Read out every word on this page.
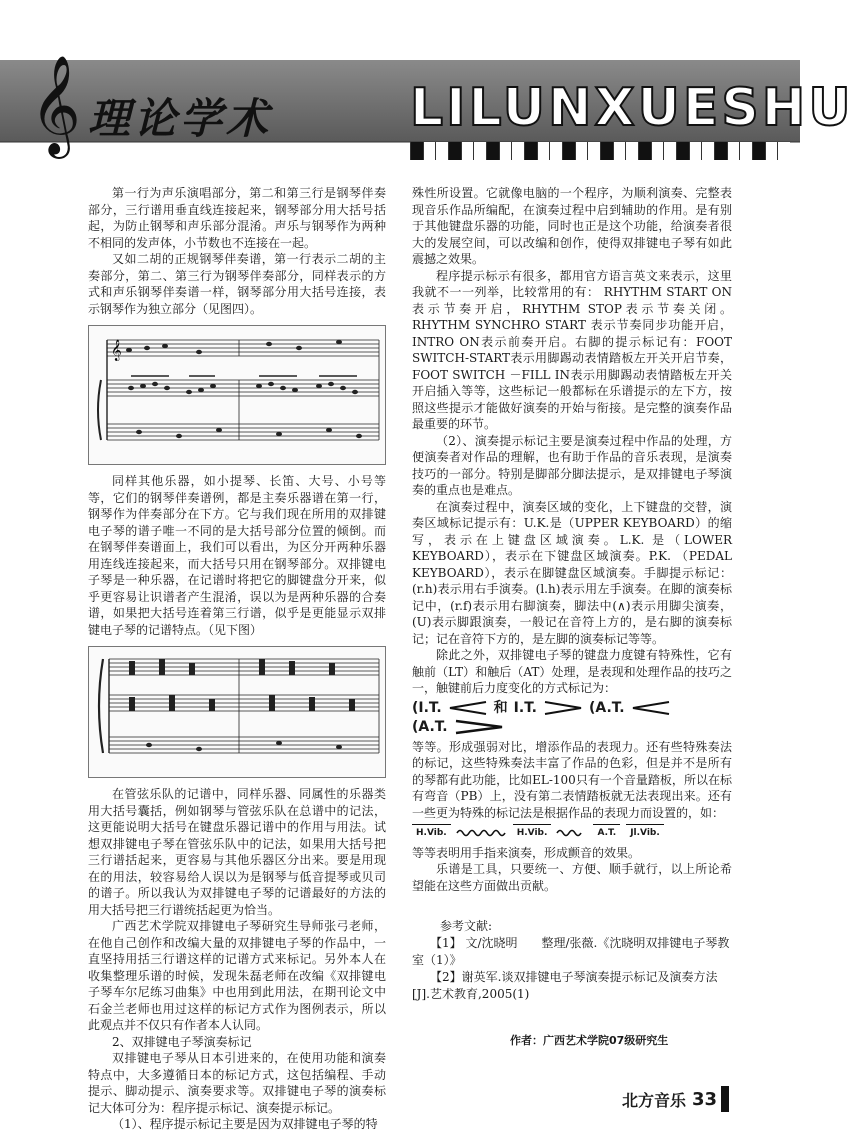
𝄞 理论学术	LILUNXUESHU

第一行为声乐演唱部分，第二和第三行是钢琴伴奏部分，三行谱用垂直线连接起来，钢琴部分用大括号括起，为防止钢琴和声乐部分混淆。声乐与钢琴作为两种不相同的发声体，小节数也不连接在一起。

又如二胡的正规钢琴伴奏谱，第一行表示二胡的主奏部分，第二、第三行为钢琴伴奏部分，同样表示的方式和声乐钢琴伴奏谱一样，钢琴部分用大括号连接，表示钢琴作为独立部分（见图四）。

𝄞

同样其他乐器，如小提琴、长笛、大号、小号等等，它们的钢琴伴奏谱例，都是主奏乐器谱在第一行，钢琴作为伴奏部分在下方。它与我们现在所用的双排键电子琴的谱子唯一不同的是大括号部分位置的倾倒。而在钢琴伴奏谱面上，我们可以看出，为区分开两种乐器用连线连接起来，而大括号只用在钢琴部分。双排键电子琴是一种乐器，在记谱时将把它的脚键盘分开来，似乎更容易让识谱者产生混淆，误以为是两种乐器的合奏谱，如果把大括号连着第三行谱，似乎是更能显示双排键电子琴的记谱特点。（见下图）

在管弦乐队的记谱中，同样乐器、同属性的乐器类用大括号囊括，例如钢琴与管弦乐队在总谱中的记法，这更能说明大括号在键盘乐器记谱中的作用与用法。试想双排键电子琴在管弦乐队中的记法，如果用大括号把三行谱括起来，更容易与其他乐器区分出来。要是用现在的用法，较容易给人误以为是钢琴与低音提琴或贝司的谱子。所以我认为双排键电子琴的记谱最好的方法的用大括号把三行谱统括起更为恰当。

广西艺术学院双排键电子琴研究生导师张弓老师，在他自己创作和改编大量的双排键电子琴的作品中，一直坚持用括三行谱这样的记谱方式来标记。另外本人在收集整理乐谱的时候，发现朱磊老师在改编《双排键电子琴车尔尼练习曲集》中也用到此用法，在期刊论文中石金兰老师也用过这样的标记方式作为图例表示，所以此观点并不仅只有作者本人认同。

2、双排键电子琴演奏标记

双排键电子琴从日本引进来的，在使用功能和演奏特点中，大多遵循日本的标记方式，这包括编程、手动提示、脚动提示、演奏要求等。双排键电子琴的演奏标记大体可分为：程序提示标记、演奏提示标记。

（1）、程序提示标记主要是因为双排键电子琴的特

殊性所设置。它就像电脑的一个程序，为顺利演奏、完整表现音乐作品所编配，在演奏过程中启到辅助的作用。是有别于其他键盘乐器的功能，同时也正是这个功能，给演奏者很大的发展空间，可以改编和创作，使得双排键电子琴有如此震撼之效果。

程序提示标示有很多，都用官方语言英文来表示，这里我就不一一列举，比较常用的有： RHYTHM START ON 表示节奏开启，RHYTHM STOP表示节奏关闭。RHYTHM SYNCHRO START 表示节奏同步功能开启，INTRO ON表示前奏开启。右脚的提示标记有：FOOT SWITCH-START表示用脚踢动表情踏板左开关开启节奏，FOOT SWITCH －FILL IN表示用脚踢动表情踏板左开关开启插入等等，这些标记一般都标在乐谱提示的左下方，按照这些提示才能做好演奏的开始与衔接。是完整的演奏作品最重要的环节。

（2）、演奏提示标记主要是演奏过程中作品的处理，方便演奏者对作品的理解，也有助于作品的音乐表现，是演奏技巧的一部分。特别是脚部分脚法提示，是双排键电子琴演奏的重点也是难点。

在演奏过程中，演奏区域的变化，上下键盘的交替，演奏区域标记提示有：U.K.是（UPPER KEYBOARD）的缩写，表示在上键盘区域演奏。L.K. 是（LOWER KEYBOARD），表示在下键盘区域演奏。P.K. （PEDAL KEYBOARD），表示在脚键盘区域演奏。手脚提示标记：(r.h)表示用右手演奏。(l.h)表示用左手演奏。在脚的演奏标记中，(r.f)表示用右脚演奏，脚法中(∧)表示用脚尖演奏，(U)表示脚跟演奏，一般记在音符上方的，是右脚的演奏标记；记在音符下方的，是左脚的演奏标记等等。

除此之外，双排键电子琴的键盘力度键有特殊性，它有触前（LT）和触后（AT）处理，是表现和处理作品的技巧之一，触键前后力度变化的方式标记为：

(I.T.	和 I.T.	(A.T.
(A.T.

等等。形成强弱对比，增添作品的表现力。还有些特殊奏法的标记，这些特殊奏法丰富了作品的色彩，但是并不是所有的琴都有此功能，比如EL-100只有一个音量踏板，所以在标有弯音（PB）上，没有第二表情踏板就无法表现出来。还有一些更为特殊的标记法是根据作品的表现力而设置的，如：

H.Vib.	H.Vib.	A.T.	Jl.Vib.

等等表明用手指来演奏，形成颤音的效果。

乐谱是工具，只要统一、方便、顺手就行，以上所论希望能在这些方面做出贡献。

参考文献:

【1】 文/沈晓明　　整理/张薇.《沈晓明双排键电子琴教室（1）》

【2】谢英军.谈双排键电子琴演奏提示标记及演奏方法[J].艺术教育,2005(1)

作者：广西艺术学院07级研究生
北方音乐 33
